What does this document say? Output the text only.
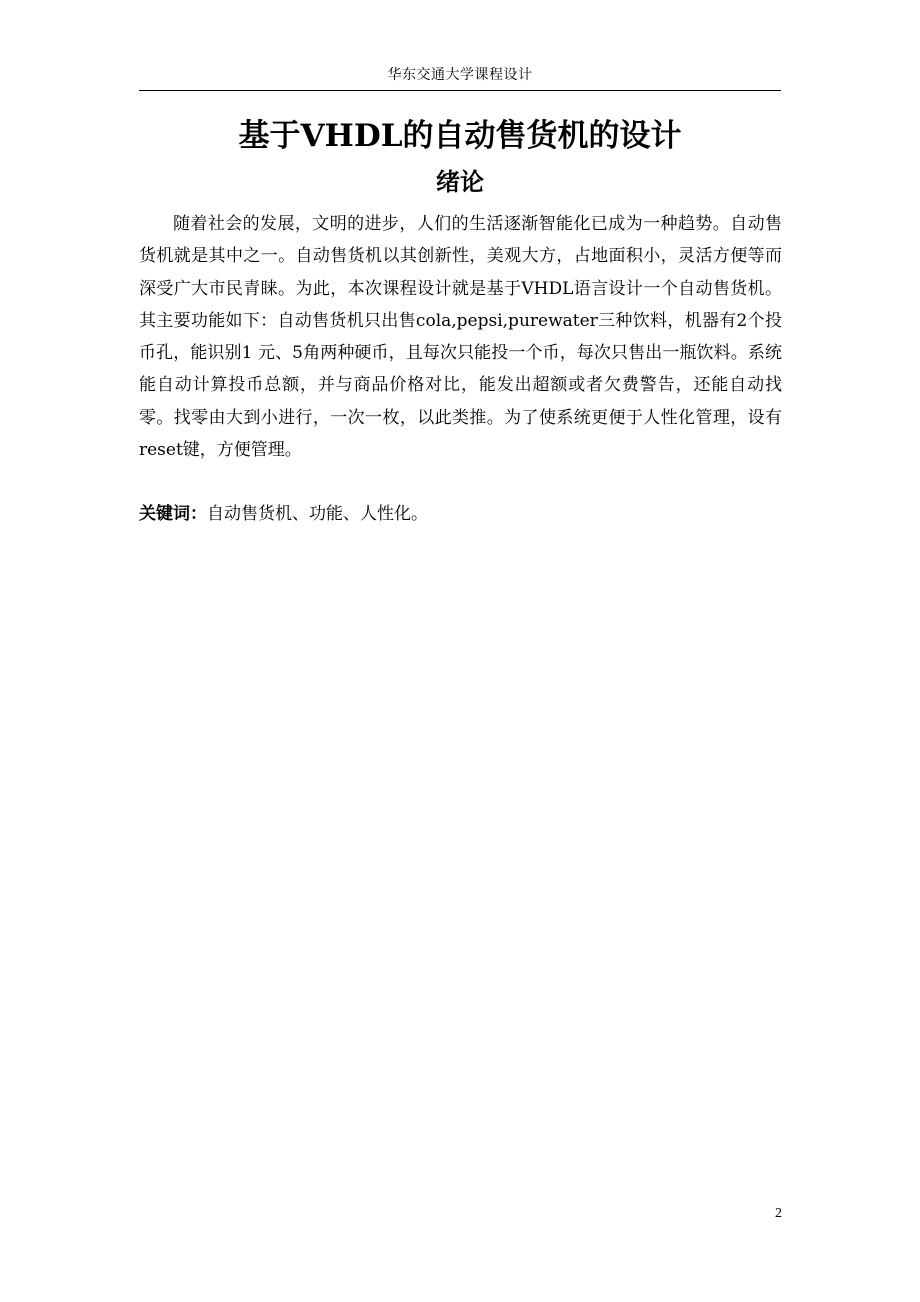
华东交通大学课程设计
基于VHDL的自动售货机的设计
绪论

随着社会的发展，文明的进步，人们的生活逐渐智能化已成为一种趋势。自动售货机就是其中之一。自动售货机以其创新性，美观大方，占地面积小，灵活方便等而深受广大市民青睐。为此，本次课程设计就是基于VHDL语言设计一个自动售货机。其主要功能如下：自动售货机只出售cola,pepsi,purewater三种饮料，机器有2个投币孔，能识别1 元、5角两种硬币，且每次只能投一个币，每次只售出一瓶饮料。系统能自动计算投币总额，并与商品价格对比，能发出超额或者欠费警告，还能自动找零。找零由大到小进行，一次一枚，以此类推。为了使系统更便于人性化管理，设有reset键，方便管理。

关键词：自动售货机、功能、人性化。

2
